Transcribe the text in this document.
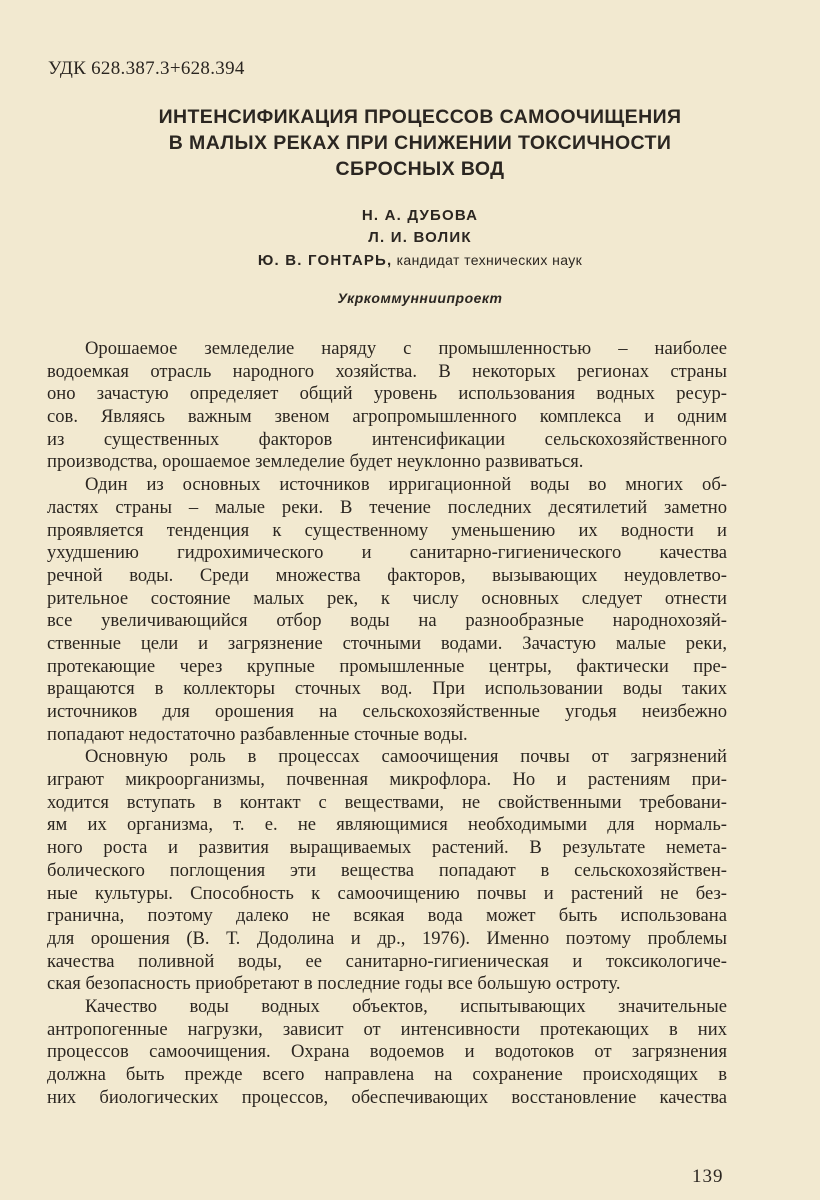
УДК 628.387.3+628.394
ИНТЕНСИФИКАЦИЯ ПРОЦЕССОВ САМООЧИЩЕНИЯ
В МАЛЫХ РЕКАХ ПРИ СНИЖЕНИИ ТОКСИЧНОСТИ
СБРОСНЫХ ВОД
Н. А. ДУБОВА
Л. И. ВОЛИК
Ю. В. ГОНТАРЬ, кандидат технических наук
Укркоммунниипроект
Орошаемое земледелие наряду с промышленностью – наиболее
водоемкая отрасль народного хозяйства. В некоторых регионах страны
оно зачастую определяет общий уровень использования водных ресур-
сов. Являясь важным звеном агропромышленного комплекса и одним
из существенных факторов интенсификации сельскохозяйственного
производства, орошаемое земледелие будет неуклонно развиваться.
Один из основных источников ирригационной воды во многих об-
ластях страны – малые реки. В течение последних десятилетий заметно
проявляется тенденция к существенному уменьшению их водности и
ухудшению гидрохимического и санитарно-гигиенического качества
речной воды. Среди множества факторов, вызывающих неудовлетво-
рительное состояние малых рек, к числу основных следует отнести
все увеличивающийся отбор воды на разнообразные народнохозяй-
ственные цели и загрязнение сточными водами. Зачастую малые реки,
протекающие через крупные промышленные центры, фактически пре-
вращаются в коллекторы сточных вод. При использовании воды таких
источников для орошения на сельскохозяйственные угодья неизбежно
попадают недостаточно разбавленные сточные воды.
Основную роль в процессах самоочищения почвы от загрязнений
играют микроорганизмы, почвенная микрофлора. Но и растениям при-
ходится вступать в контакт с веществами, не свойственными требовани-
ям их организма, т. е. не являющимися необходимыми для нормаль-
ного роста и развития выращиваемых растений. В результате немета-
болического поглощения эти вещества попадают в сельскохозяйствен-
ные культуры. Способность к самоочищению почвы и растений не без-
гранична, поэтому далеко не всякая вода может быть использована
для орошения (В. Т. Додолина и др., 1976). Именно поэтому проблемы
качества поливной воды, ее санитарно-гигиеническая и токсикологиче-
ская безопасность приобретают в последние годы все большую остроту.
Качество воды водных объектов, испытывающих значительные
антропогенные нагрузки, зависит от интенсивности протекающих в них
процессов самоочищения. Охрана водоемов и водотоков от загрязнения
должна быть прежде всего направлена на сохранение происходящих в
них биологических процессов, обеспечивающих восстановление качества
139
